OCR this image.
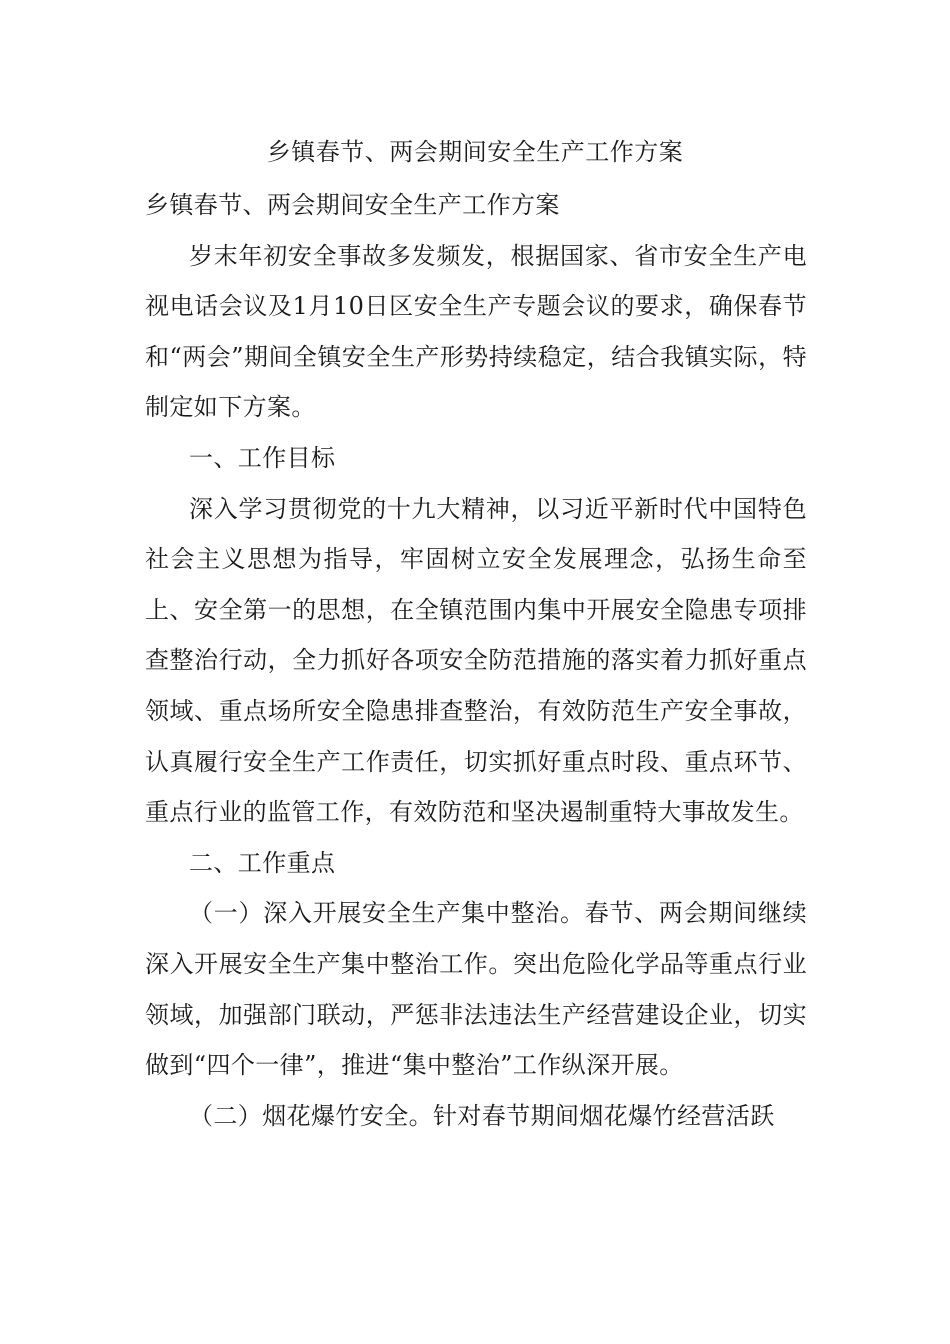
乡镇春节、两会期间安全生产工作方案

乡镇春节、两会期间安全生产工作方案

岁末年初安全事故多发频发，根据国家、省市安全生产电视电话会议及1月10日区安全生产专题会议的要求，确保春节和“两会”期间全镇安全生产形势持续稳定，结合我镇实际，特制定如下方案。

一、工作目标

深入学习贯彻党的十九大精神，以习近平新时代中国特色社会主义思想为指导，牢固树立安全发展理念，弘扬生命至上、安全第一的思想，在全镇范围内集中开展安全隐患专项排查整治行动，全力抓好各项安全防范措施的落实着力抓好重点领域、重点场所安全隐患排查整治，有效防范生产安全事故，认真履行安全生产工作责任，切实抓好重点时段、重点环节、重点行业的监管工作，有效防范和坚决遏制重特大事故发生。

二、工作重点

（一）深入开展安全生产集中整治。春节、两会期间继续深入开展安全生产集中整治工作。突出危险化学品等重点行业领域，加强部门联动，严惩非法违法生产经营建设企业，切实做到“四个一律”，推进“集中整治”工作纵深开展。

（二）烟花爆竹安全。针对春节期间烟花爆竹经营活跃
